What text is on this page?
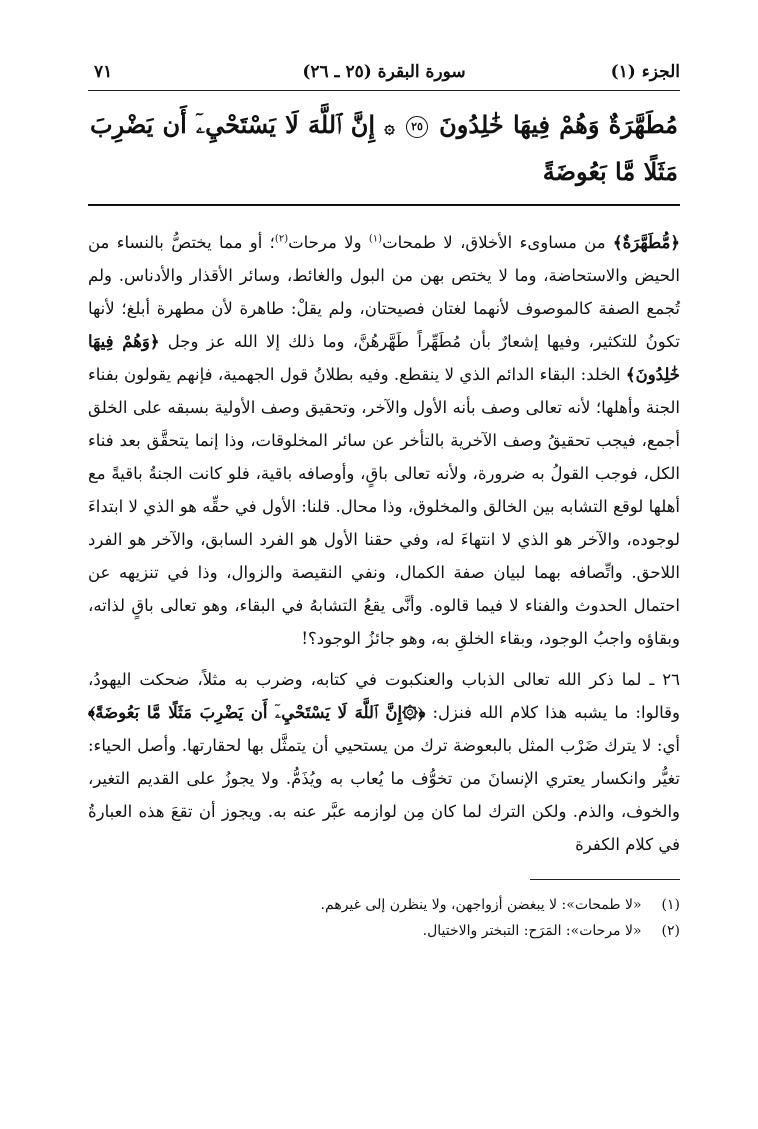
الجزء (١)
سورة البقرة (٢٥ ـ ٢٦)
٧١
مُطَهَّرَةٌ وَهُمْ فِيهَا خَٰلِدُونَ ٢٥ ۞ إِنَّ ٱللَّهَ لَا يَسْتَحْيِۦٓ أَن يَضْرِبَ مَثَلًا مَّا بَعُوضَةً

﴿مُّطَهَّرَةٌ﴾ من مساوىء الأخلاق، لا طمحات$^{(١)}$ ولا مرحات$^{(٢)}$؛ أو مما يختصُّ بالنساء من الحيض والاستحاضة، وما لا يختص بهن من البول والغائط، وسائر الأقذار والأدناس. ولم تُجمع الصفة كالموصوف لأنهما لغتان فصيحتان، ولم يقلْ: طاهرة لأن مطهرة أبلغ؛ لأنها تكونُ للتكثير، وفيها إشعارٌ بأن مُطَهِّراً طَهَّرهُنَّ، وما ذلك إلا الله عز وجل ﴿وَهُمْ فِيهَا خَٰلِدُونَ﴾ الخلد: البقاء الدائم الذي لا ينقطع. وفيه بطلانُ قول الجهمية، فإنهم يقولون بفناء الجنة وأهلها؛ لأنه تعالى وصف بأنه الأول والآخر، وتحقيق وصف الأولية بسبقه على الخلق أجمع، فيجب تحقيقُ وصف الآخرية بالتأخر عن سائر المخلوقات، وذا إنما يتحقَّق بعد فناء الكل، فوجب القولُ به ضرورة، ولأنه تعالى باقٍ، وأوصافه باقية، فلو كانت الجنةُ باقيةً مع أهلها لوقع التشابه بين الخالق والمخلوق، وذا محال. قلنا: الأول في حقِّه هو الذي لا ابتداءَ لوجوده، والآخر هو الذي لا انتهاءَ له، وفي حقنا الأول هو الفرد السابق، والآخر هو الفرد اللاحق. واتِّصافه بهما لبيان صفة الكمال، ونفي النقيصة والزوال، وذا في تنزيهه عن احتمال الحدوث والفناء لا فيما قالوه. وأنَّى يقعُ التشابهُ في البقاء، وهو تعالى باقٍ لذاته، وبقاؤه واجبُ الوجود، وبقاء الخلقِ به، وهو جائزُ الوجود؟!

٢٦ ـ لما ذكر الله تعالى الذباب والعنكبوت في كتابه، وضرب به مثلاً، ضحكت اليهودُ، وقالوا: ما يشبه هذا كلام الله فنزل: ﴿۞إِنَّ ٱللَّهَ لَا يَسْتَحْيِۦٓ أَن يَضْرِبَ مَثَلًا مَّا بَعُوضَةً﴾ أي: لا يترك ضَرْب المثل بالبعوضة ترك من يستحيي أن يتمثَّل بها لحقارتها. وأصل الحياء: تغيُّر وانكسار يعتري الإنسانَ من تخوُّف ما يُعاب به ويُذَمُّ. ولا يجوزُ على القديم التغير، والخوف، والذم. ولكن الترك لما كان مِن لوازمه عبَّر عنه به. ويجوز أن تقعَ هذه العبارةُ في كلام الكفرة

(١) «لا طمحات»: لا يبغضن أزواجهن، ولا ينظرن إلى غيرهم.
(٢) «لا مرحات»: المَرَح: التبختر والاختيال.
